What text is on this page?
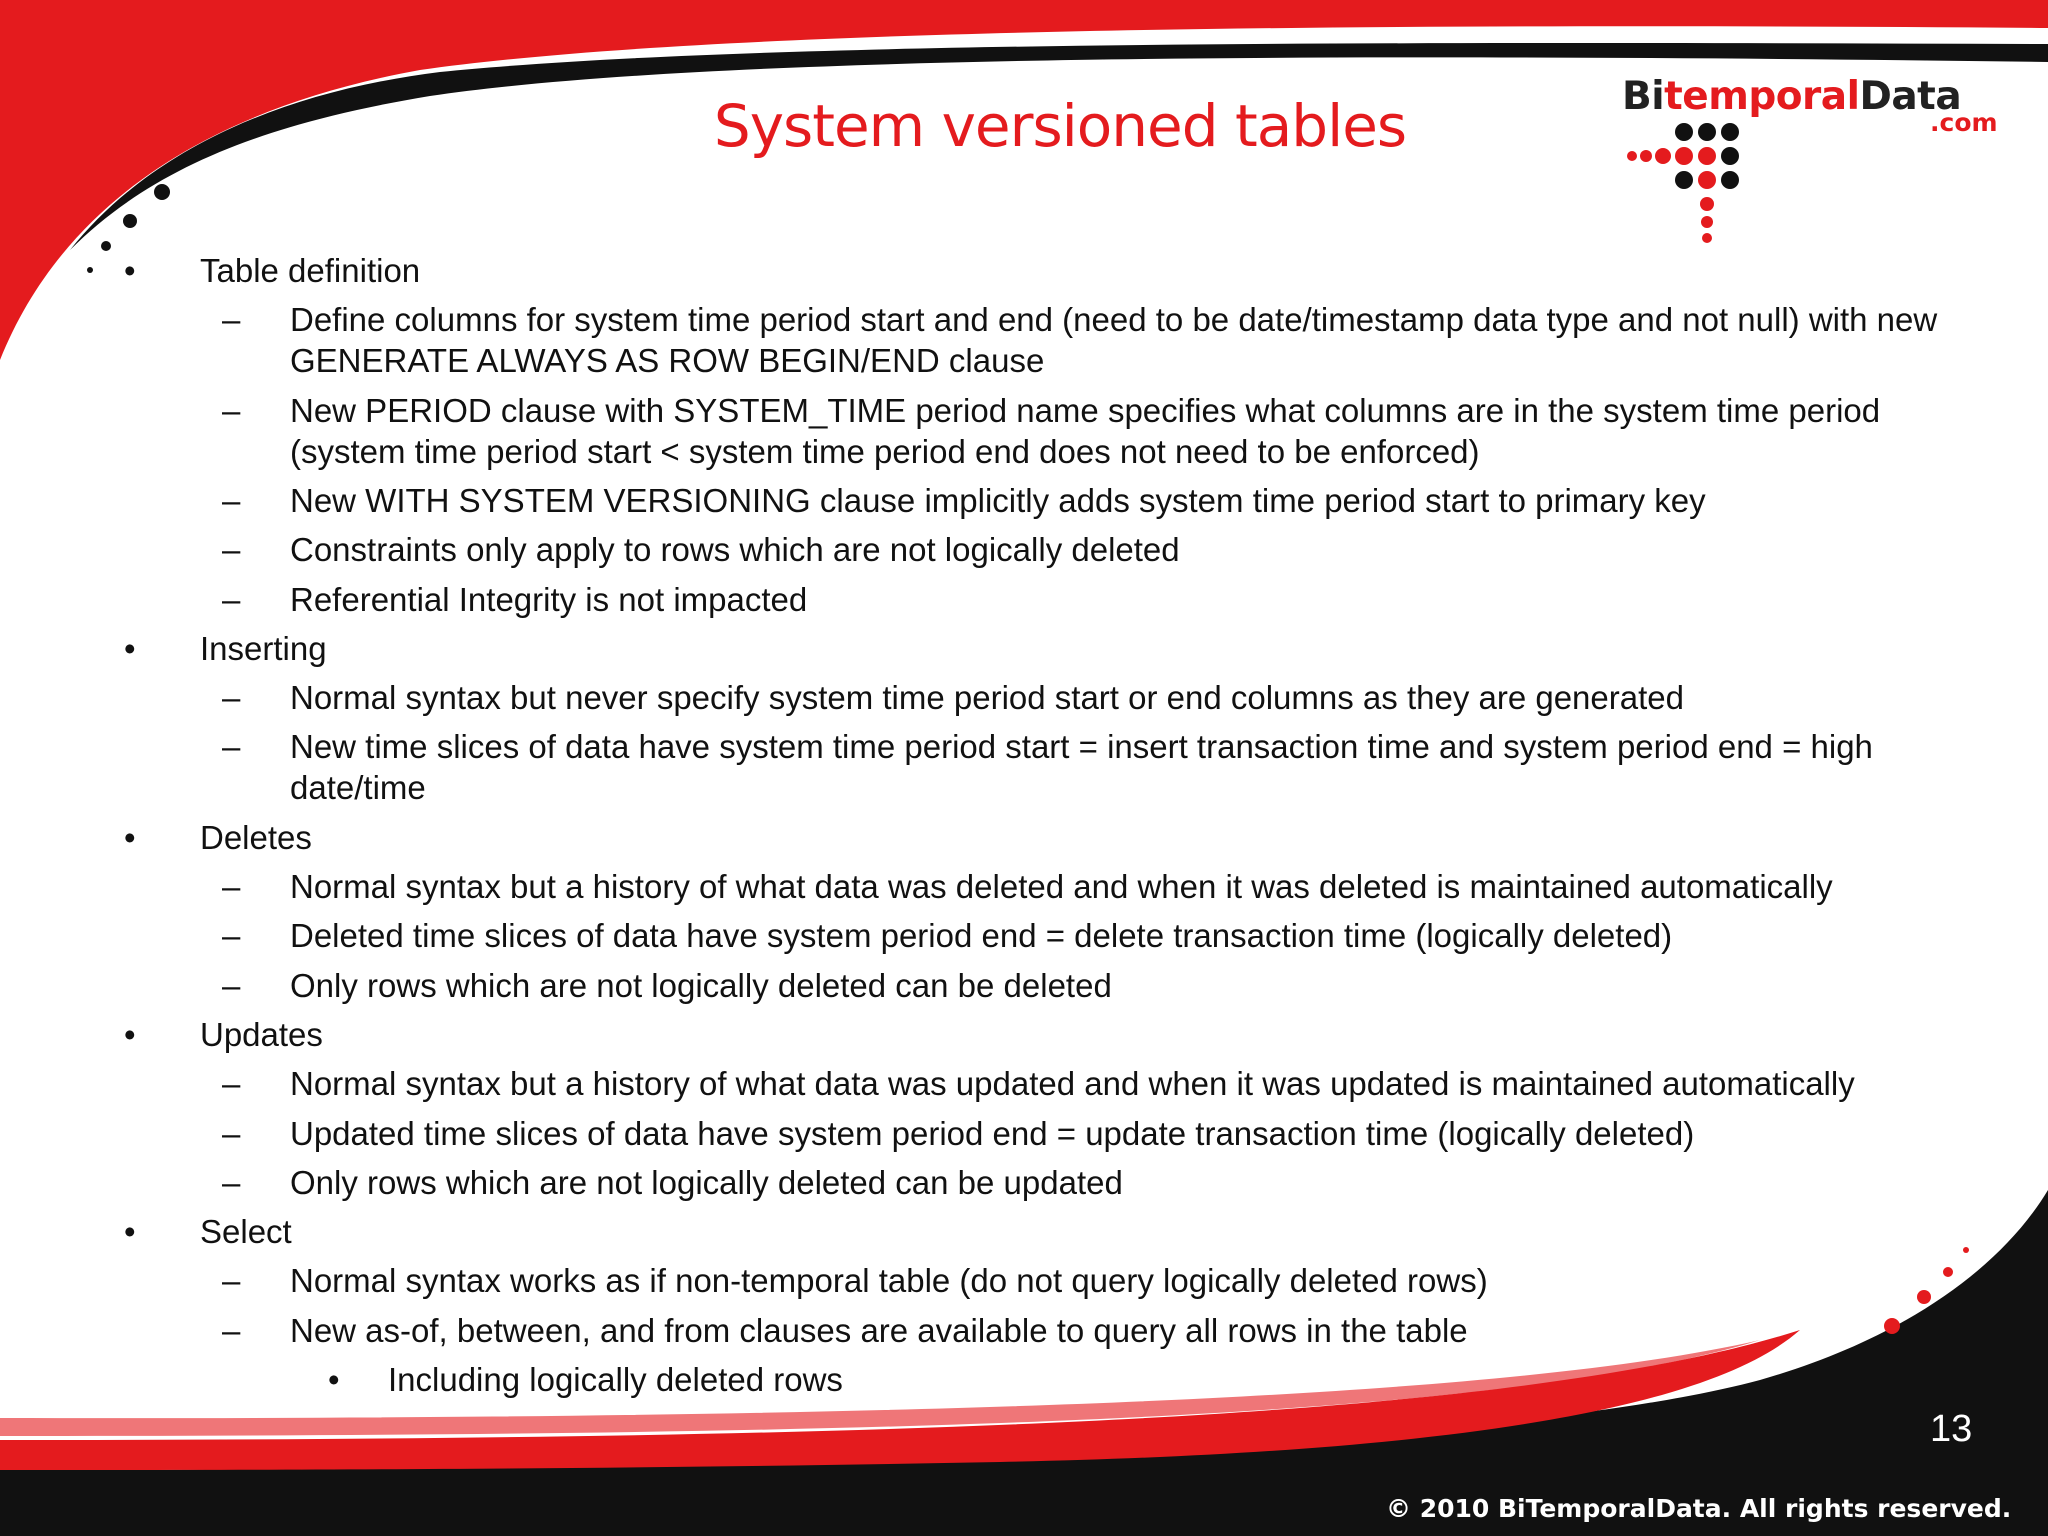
System versioned tables	BitemporalData
.com
• Table definition
– Define columns for system time period start and end (need to be date/timestamp data type and not null) with new
GENERATE ALWAYS AS ROW BEGIN/END clause
– New PERIOD clause with SYSTEM_TIME period name specifies what columns are in the system time period
(system time period start < system time period end does not need to be enforced)
– New WITH SYSTEM VERSIONING clause implicitly adds system time period start to primary key
– Constraints only apply to rows which are not logically deleted
– Referential Integrity is not impacted
• Inserting
– Normal syntax but never specify system time period start or end columns as they are generated
– New time slices of data have system time period start = insert transaction time and system period end = high
date/time
• Deletes
– Normal syntax but a history of what data was deleted and when it was deleted is maintained automatically
– Deleted time slices of data have system period end = delete transaction time (logically deleted)
– Only rows which are not logically deleted can be deleted
• Updates
– Normal syntax but a history of what data was updated and when it was updated is maintained automatically
– Updated time slices of data have system period end = update transaction time (logically deleted)
– Only rows which are not logically deleted can be updated
• Select
– Normal syntax works as if non-temporal table (do not query logically deleted rows)
– New as-of, between, and from clauses are available to query all rows in the table
• Including logically deleted rows
13
© 2010 BiTemporalData. All rights reserved.
